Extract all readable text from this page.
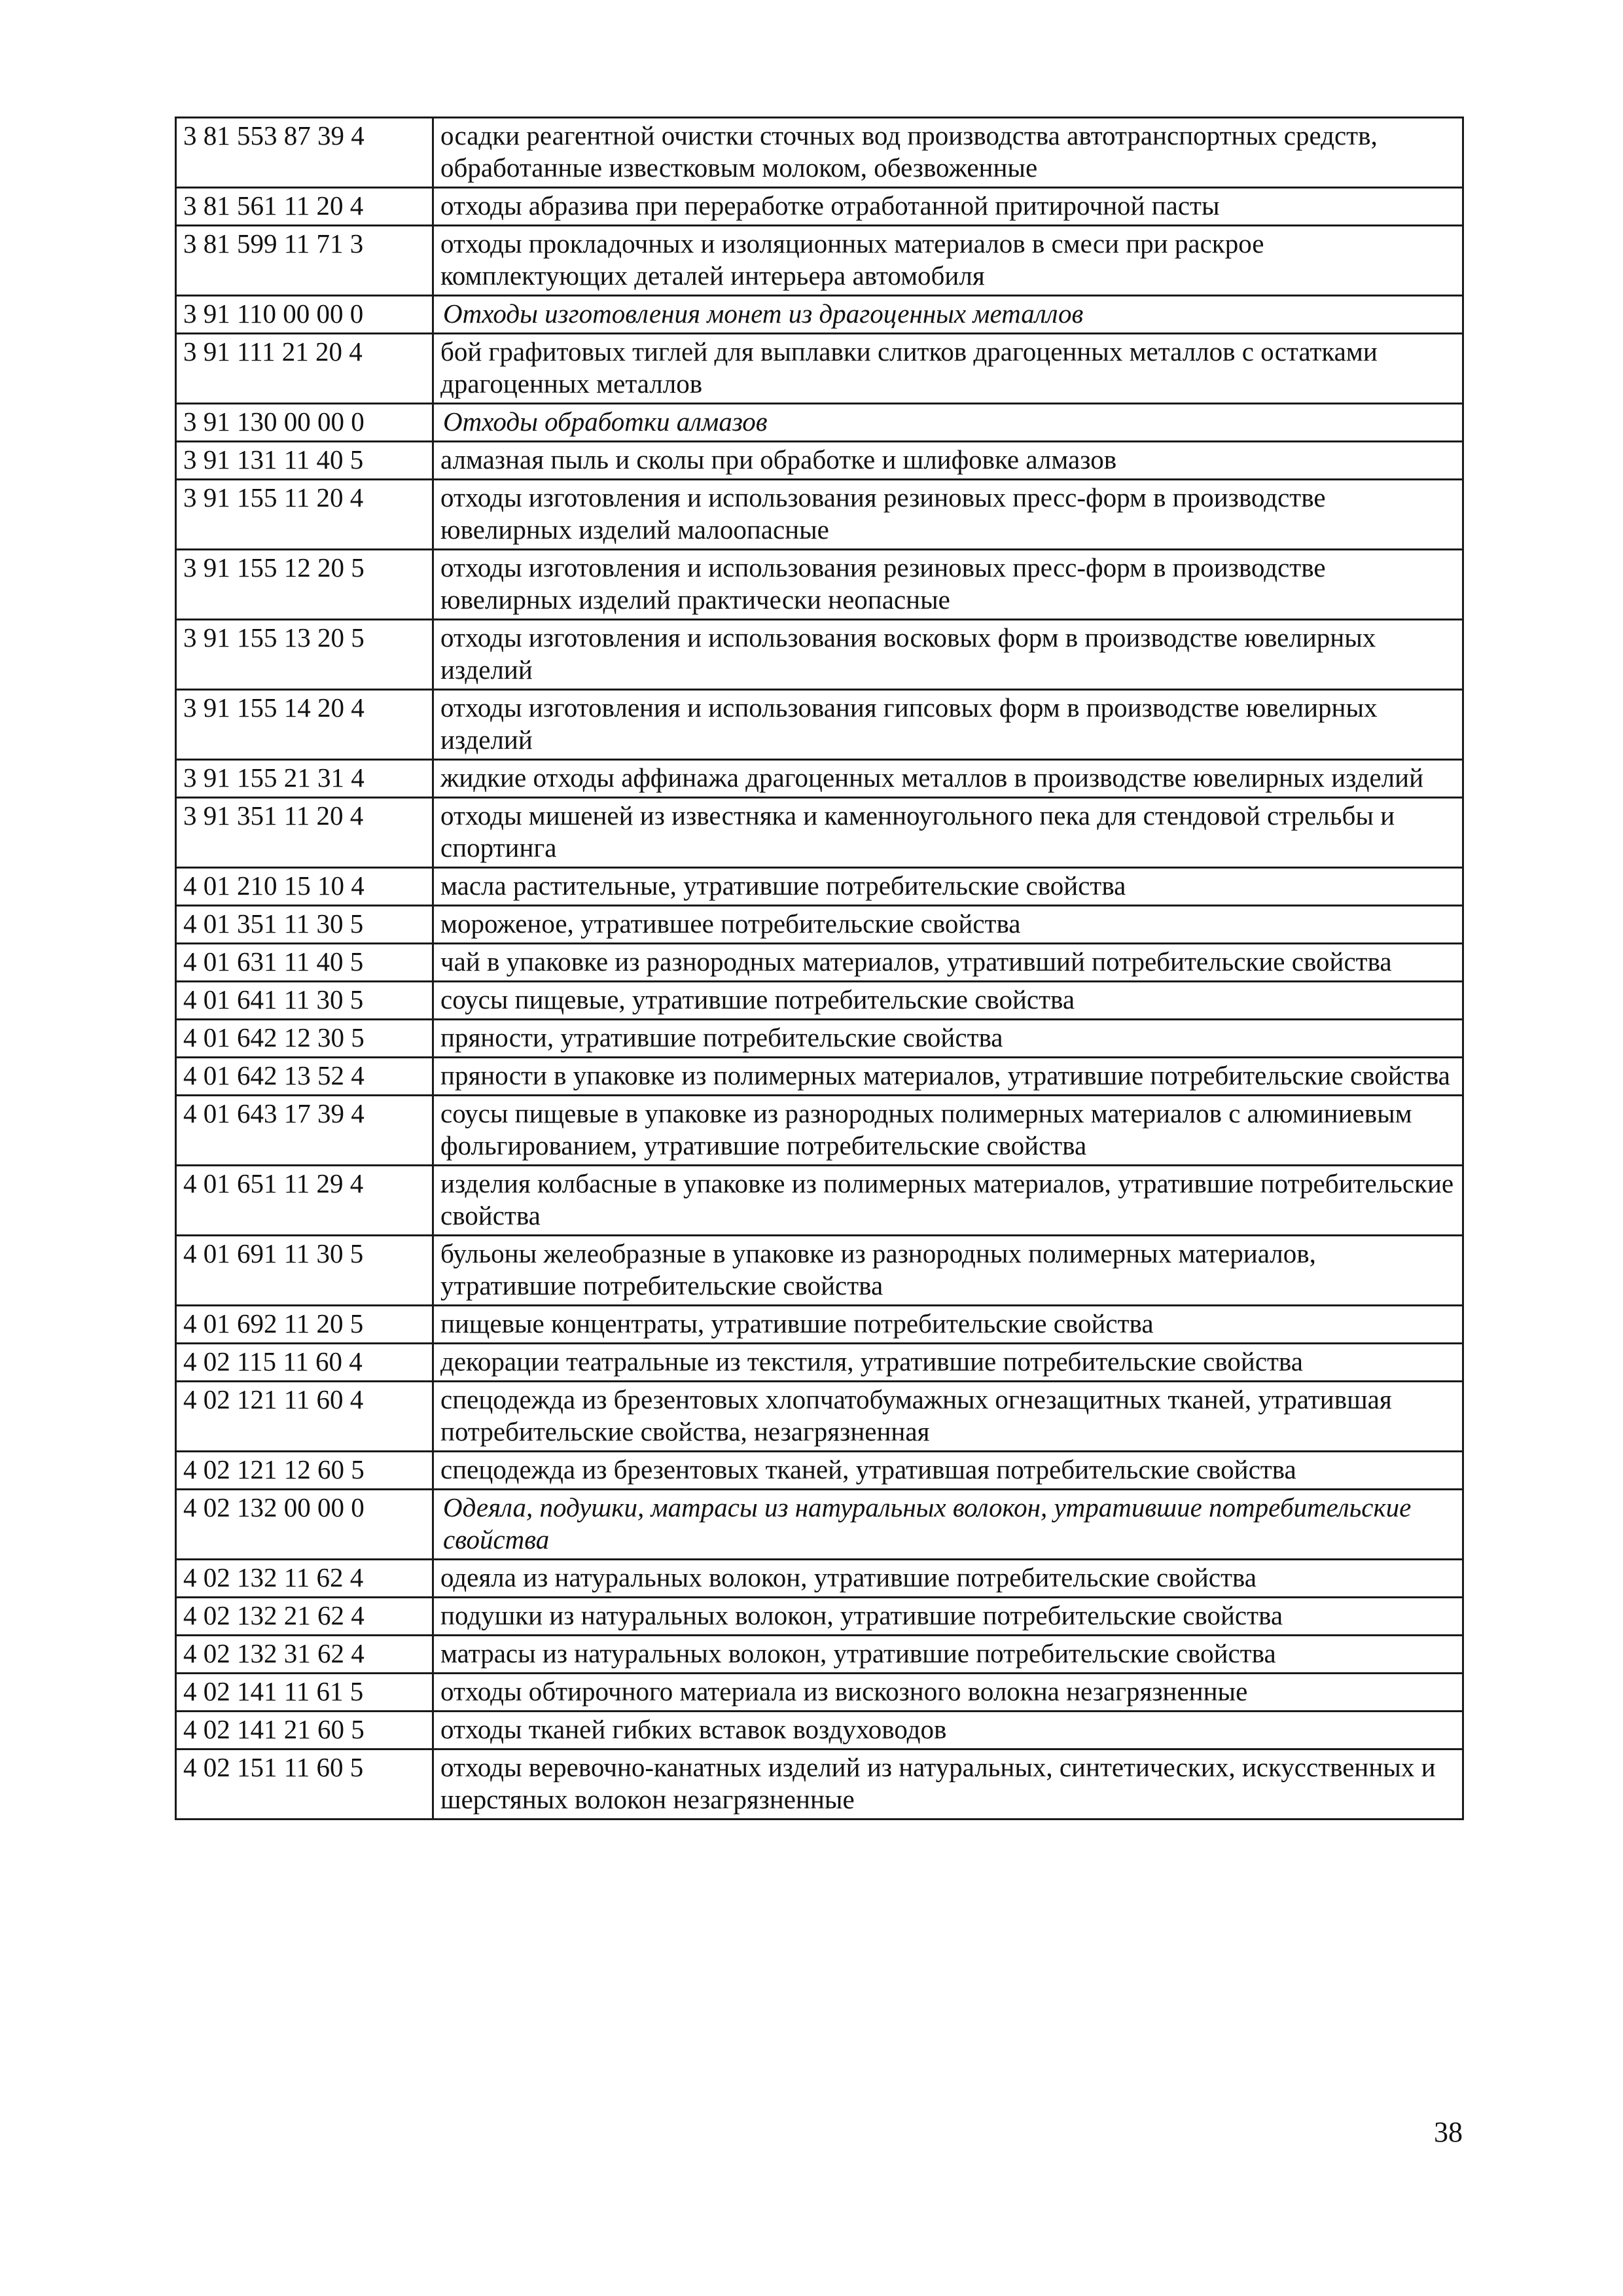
3 81 553 87 39 4	осадки реагентной очистки сточных вод производства автотранспортных средств, обработанные известковым молоком, обезвоженные
3 81 561 11 20 4	отходы абразива при переработке отработанной притирочной пасты
3 81 599 11 71 3	отходы прокладочных и изоляционных материалов в смеси при раскрое комплектующих деталей интерьера автомобиля
3 91 110 00 00 0	Отходы изготовления монет из драгоценных металлов
3 91 111 21 20 4	бой графитовых тиглей для выплавки слитков драгоценных металлов с остатками драгоценных металлов
3 91 130 00 00 0	Отходы обработки алмазов
3 91 131 11 40 5	алмазная пыль и сколы при обработке и шлифовке алмазов
3 91 155 11 20 4	отходы изготовления и использования резиновых пресс-форм в производстве ювелирных изделий малоопасные
3 91 155 12 20 5	отходы изготовления и использования резиновых пресс-форм в производстве ювелирных изделий практически неопасные
3 91 155 13 20 5	отходы изготовления и использования восковых форм в производстве ювелирных изделий
3 91 155 14 20 4	отходы изготовления и использования гипсовых форм в производстве ювелирных изделий
3 91 155 21 31 4	жидкие отходы аффинажа драгоценных металлов в производстве ювелирных изделий
3 91 351 11 20 4	отходы мишеней из известняка и каменноугольного пека для стендовой стрельбы и спортинга
4 01 210 15 10 4	масла растительные, утратившие потребительские свойства
4 01 351 11 30 5	мороженое, утратившее потребительские свойства
4 01 631 11 40 5	чай в упаковке из разнородных материалов, утративший потребительские свойства
4 01 641 11 30 5	соусы пищевые, утратившие потребительские свойства
4 01 642 12 30 5	пряности, утратившие потребительские свойства
4 01 642 13 52 4	пряности в упаковке из полимерных материалов, утратившие потребительские свойства
4 01 643 17 39 4	соусы пищевые в упаковке из разнородных полимерных материалов с алюминиевым фольгированием, утратившие потребительские свойства
4 01 651 11 29 4	изделия колбасные в упаковке из полимерных материалов, утратившие потребительские свойства
4 01 691 11 30 5	бульоны желеобразные в упаковке из разнородных полимерных материалов, утратившие потребительские свойства
4 01 692 11 20 5	пищевые концентраты, утратившие потребительские свойства
4 02 115 11 60 4	декорации театральные из текстиля, утратившие потребительские свойства
4 02 121 11 60 4	спецодежда из брезентовых хлопчатобумажных огнезащитных тканей, утратившая потребительские свойства, незагрязненная
4 02 121 12 60 5	спецодежда из брезентовых тканей, утратившая потребительские свойства
4 02 132 00 00 0	Одеяла, подушки, матрасы из натуральных волокон, утратившие потребительские свойства
4 02 132 11 62 4	одеяла из натуральных волокон, утратившие потребительские свойства
4 02 132 21 62 4	подушки из натуральных волокон, утратившие потребительские свойства
4 02 132 31 62 4	матрасы из натуральных волокон, утратившие потребительские свойства
4 02 141 11 61 5	отходы обтирочного материала из вискозного волокна незагрязненные
4 02 141 21 60 5	отходы тканей гибких вставок воздуховодов
4 02 151 11 60 5	отходы веревочно-канатных изделий из натуральных, синтетических, искусственных и шерстяных волокон незагрязненные
38
